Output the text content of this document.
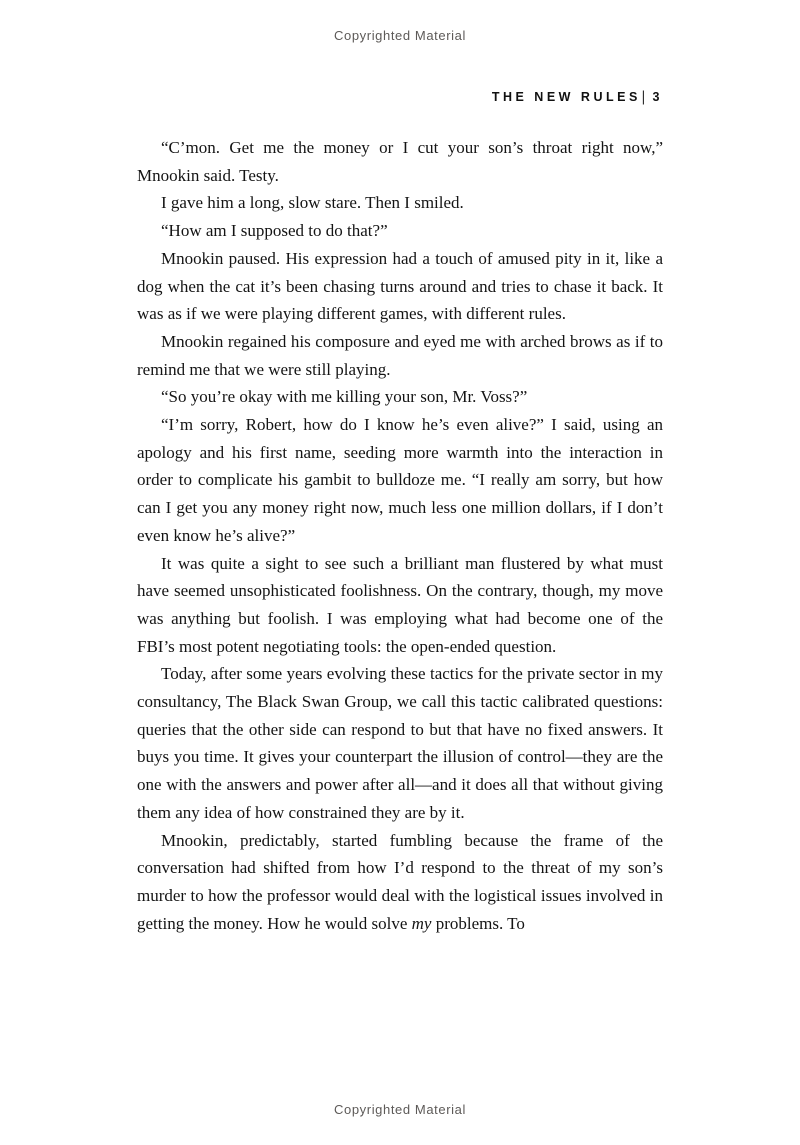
Copyrighted Material
THE NEW RULES| 3

“C’mon. Get me the money or I cut your son’s throat right now,” Mnookin said. Testy.

I gave him a long, slow stare. Then I smiled.

“How am I supposed to do that?”

Mnookin paused. His expression had a touch of amused pity in it, like a dog when the cat it’s been chasing turns around and tries to chase it back. It was as if we were playing different games, with different rules.

Mnookin regained his composure and eyed me with arched brows as if to remind me that we were still playing.

“So you’re okay with me killing your son, Mr. Voss?”

“I’m sorry, Robert, how do I know he’s even alive?” I said, using an apology and his first name, seeding more warmth into the interaction in order to complicate his gambit to bulldoze me. “I really am sorry, but how can I get you any money right now, much less one million dollars, if I don’t even know he’s alive?”

It was quite a sight to see such a brilliant man flustered by what must have seemed unsophisticated foolishness. On the contrary, though, my move was anything but foolish. I was employing what had become one of the FBI’s most potent negotiating tools: the open-ended question.

Today, after some years evolving these tactics for the private sector in my consultancy, The Black Swan Group, we call this tactic calibrated questions: queries that the other side can respond to but that have no fixed answers. It buys you time. It gives your counterpart the illusion of control—they are the one with the answers and power after all—and it does all that without giving them any idea of how constrained they are by it.

Mnookin, predictably, started fumbling because the frame of the conversation had shifted from how I’d respond to the threat of my son’s murder to how the professor would deal with the logistical issues involved in getting the money. How he would solve my problems. To

Copyrighted Material
